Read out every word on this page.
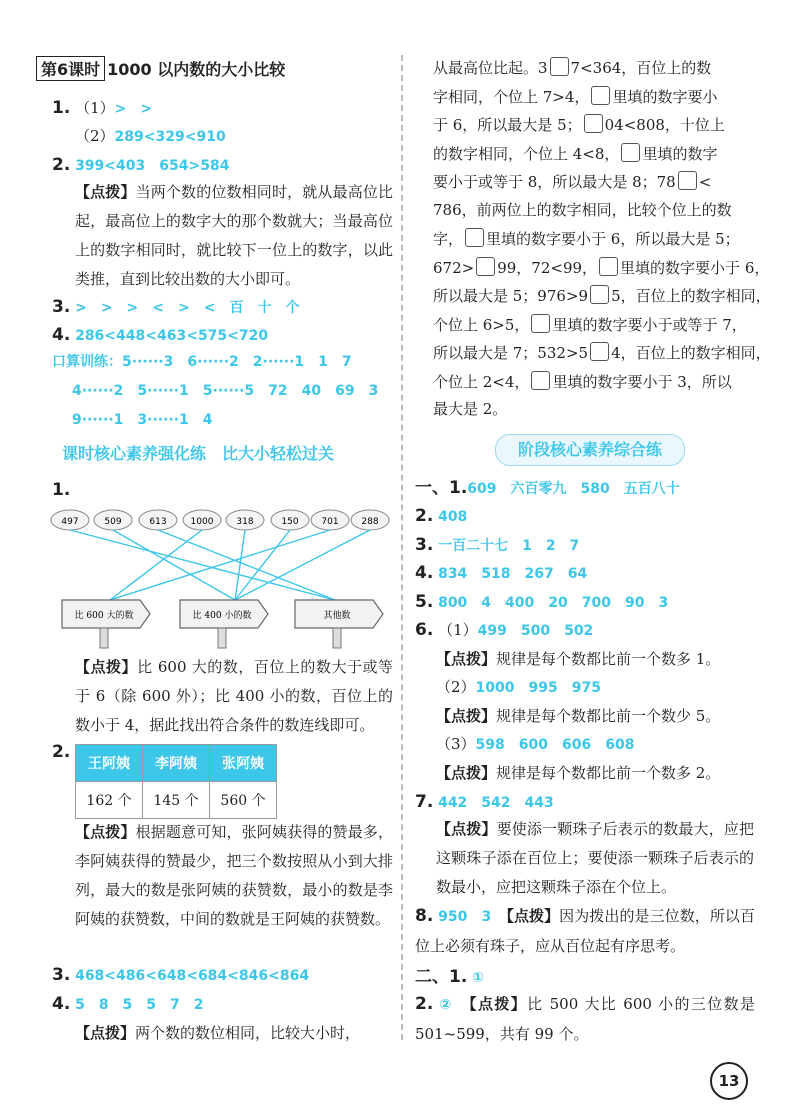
第6课时 1000 以内数的大小比较
1. （1）>　>
（2）289<329<910
2. 399<403　654>584
【点拨】当两个数的位数相同时，就从最高位比起，最高位上的数字大的那个数就大；当最高位上的数字相同时，就比较下一位上的数字，以此类推，直到比较出数的大小即可。
3. >　>　>　<　>　<　百　十　个
4. 286<448<463<575<720
口算训练：5······3　6······2　2······1　1　7
4······2　5······1　5······5　72　40　69　3
9······1　3······1　4
课时核心素养强化练　比大小轻松过关
1.
497	509	613	1000	318	150	701	288
比 600 大的数	比 400 小的数	其他数
【点拨】比 600 大的数，百位上的数大于或等于 6（除 600 外）；比 400 小的数，百位上的数小于 4，据此找出符合条件的数连线即可。
2.
王阿姨	李阿姨	张阿姨
162 个	145 个	560 个
【点拨】根据题意可知，张阿姨获得的赞最多，李阿姨获得的赞最少，把三个数按照从小到大排列，最大的数是张阿姨的获赞数，最小的数是李阿姨的获赞数，中间的数就是王阿姨的获赞数。
3. 468<486<648<684<846<864
4. 5　8　5　5　7　2
【点拨】两个数的数位相同，比较大小时，
从最高位比起。3 7<364，百位上的数
字相同，个位上 7>4， 里填的数字要小
于 6，所以最大是 5； 04<808，十位上
的数字相同，个位上 4<8， 里填的数字
要小于或等于 8，所以最大是 8；78 <
786，前两位上的数字相同，比较个位上的数
字， 里填的数字要小于 6，所以最大是 5；
672> 99，72<99， 里填的数字要小于 6，
所以最大是 5；976>9 5，百位上的数字相同，
个位上 6>5， 里填的数字要小于或等于 7，
所以最大是 7；532>5 4，百位上的数字相同，
个位上 2<4， 里填的数字要小于 3，所以
最大是 2。
阶段核心素养综合练
一、1.609　六百零九　580　五百八十
2. 408
3. 一百二十七　1　2　7
4. 834　518　267　64
5. 800　4　400　20　700　90　3
6. （1）499　500　502
【点拨】规律是每个数都比前一个数多 1。
（2）1000　995　975
【点拨】规律是每个数都比前一个数少 5。
（3）598　600　606　608
【点拨】规律是每个数都比前一个数多 2。
7. 442　542　443
【点拨】要使添一颗珠子后表示的数最大，应把这颗珠子添在百位上；要使添一颗珠子后表示的数最小，应把这颗珠子添在个位上。
8. 950　3　 【点拨】因为拨出的是三位数，所以百位上必须有珠子，应从百位起有序思考。
二、1. ①
2. ②　 【点拨】比 500 大比 600 小的三位数是 501~599，共有 99 个。
13
